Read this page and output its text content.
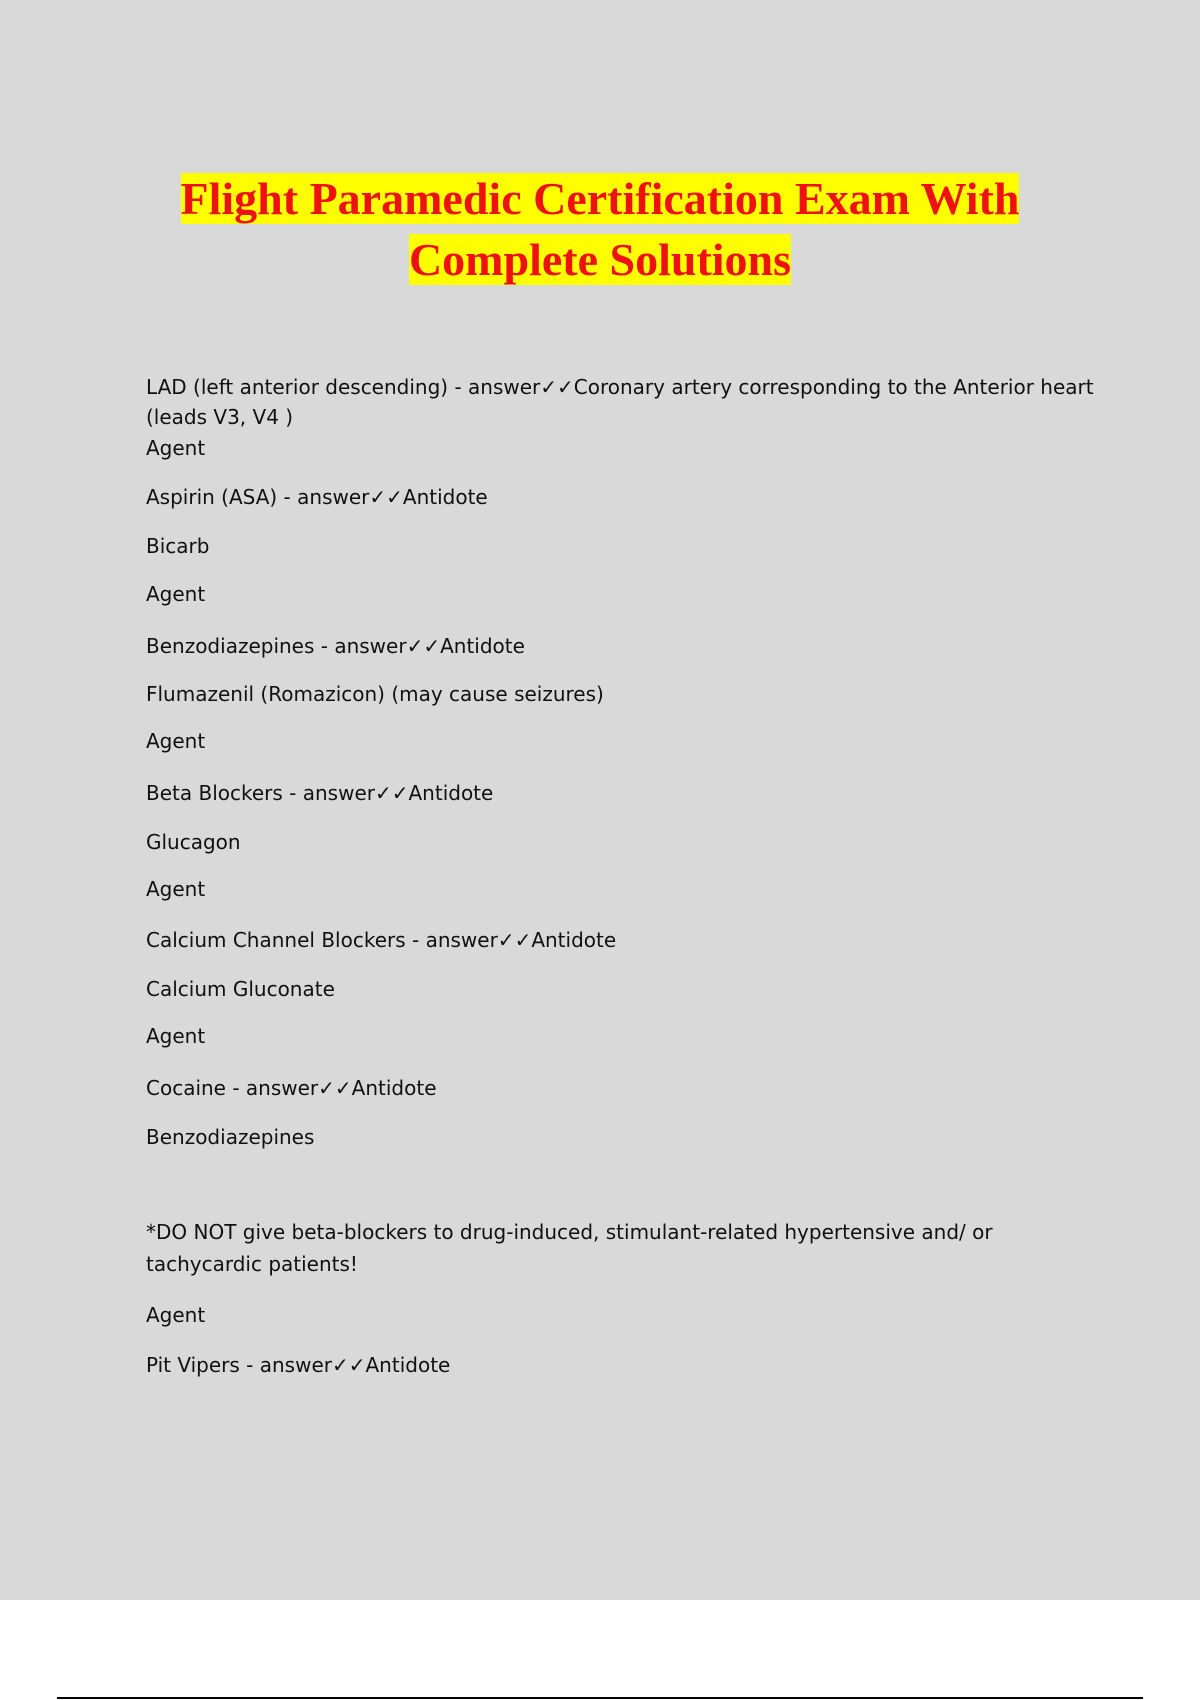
Flight Paramedic Certification Exam With
Complete Solutions

LAD (left anterior descending) - answer✓✓Coronary artery corresponding to the Anterior heart (leads V3, V4 )

Agent

Aspirin (ASA) - answer✓✓Antidote

Bicarb

Agent

Benzodiazepines - answer✓✓Antidote

Flumazenil (Romazicon) (may cause seizures)

Agent

Beta Blockers - answer✓✓Antidote

Glucagon

Agent

Calcium Channel Blockers - answer✓✓Antidote

Calcium Gluconate

Agent

Cocaine - answer✓✓Antidote

Benzodiazepines

*DO NOT give beta-blockers to drug-induced, stimulant-related hypertensive and/ or tachycardic patients!

Agent

Pit Vipers - answer✓✓Antidote
